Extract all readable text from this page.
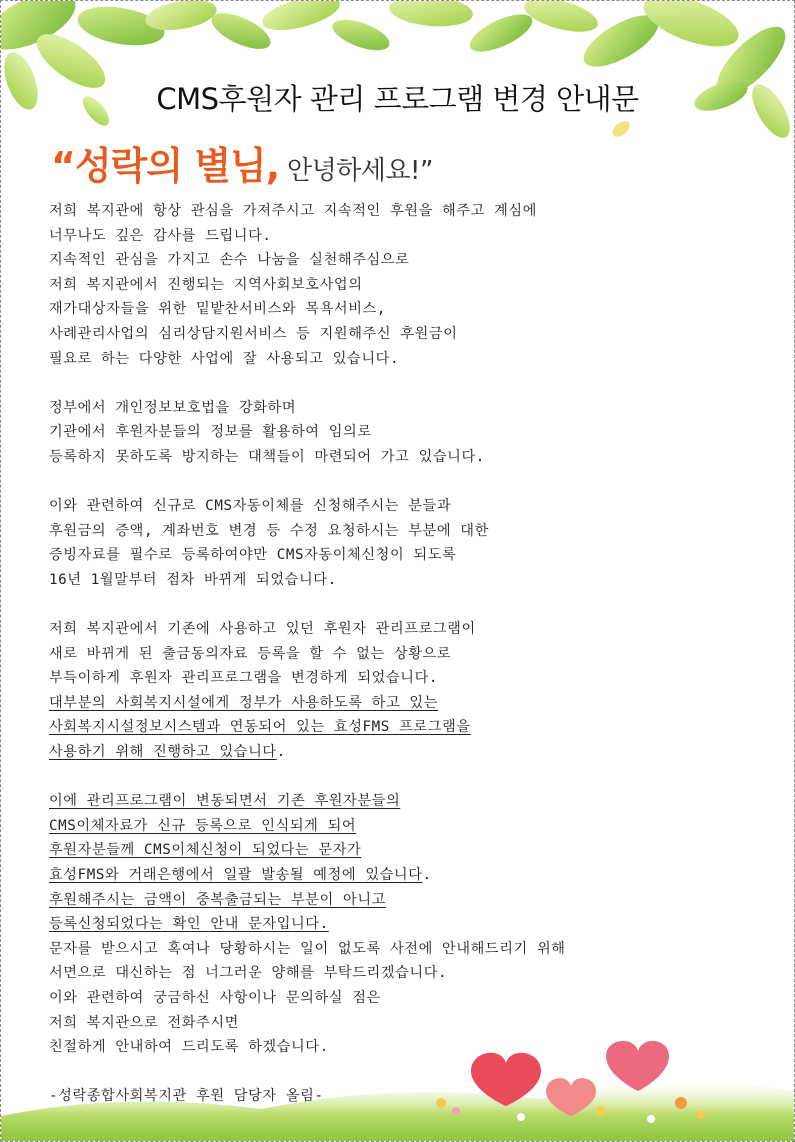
CMS후원자 관리 프로그램 변경 안내문
“성락의 별님, 안녕하세요!”
저희 복지관에 항상 관심을 가져주시고 지속적인 후원을 해주고 계심에
너무나도 깊은 감사를 드립니다.
지속적인 관심을 가지고 손수 나눔을 실천해주심으로
저희 복지관에서 진행되는 지역사회보호사업의
재가대상자들을 위한 밑밭찬서비스와 목욕서비스,
사례관리사업의 심리상담지원서비스 등 지원해주신 후원금이
필요로 하는 다양한 사업에 잘 사용되고 있습니다.
정부에서 개인정보보호법을 강화하며
기관에서 후원자분들의 정보를 활용하여 임의로
등록하지 못하도록 방지하는 대책들이 마련되어 가고 있습니다.
이와 관련하여 신규로 CMS자동이체를 신청해주시는 분들과
후원금의 증액, 계좌번호 변경 등 수정 요청하시는 부분에 대한
증빙자료를 필수로 등록하여야만 CMS자동이체신청이 되도록
16년 1월말부터 점차 바뀌게 되었습니다.
저희 복지관에서 기존에 사용하고 있던 후원자 관리프로그램이
새로 바뀌게 된 출금동의자료 등록을 할 수 없는 상황으로
부득이하게 후원자 관리프로그램을 변경하게 되었습니다.
대부분의 사회복지시설에게 정부가 사용하도록 하고 있는
사회복지시설정보시스템과 연동되어 있는 효성FMS 프로그램을
사용하기 위해 진행하고 있습니다.
이에 관리프로그램이 변동되면서 기존 후원자분들의
CMS이체자료가 신규 등록으로 인식되게 되어
후원자분들께 CMS이체신청이 되었다는 문자가
효성FMS와 거래은행에서 일괄 발송될 예정에 있습니다.
후원해주시는 금액이 중복출금되는 부분이 아니고
등록신청되었다는 확인 안내 문자입니다.
문자를 받으시고 혹여나 당황하시는 일이 없도록 사전에 안내해드리기 위해
서면으로 대신하는 점 너그러운 양해를 부탁드리겠습니다.
이와 관련하여 궁금하신 사항이나 문의하실 점은
저희 복지관으로 전화주시면
친절하게 안내하여 드리도록 하겠습니다.
-성락종합사회복지관 후원 담당자 올림-
